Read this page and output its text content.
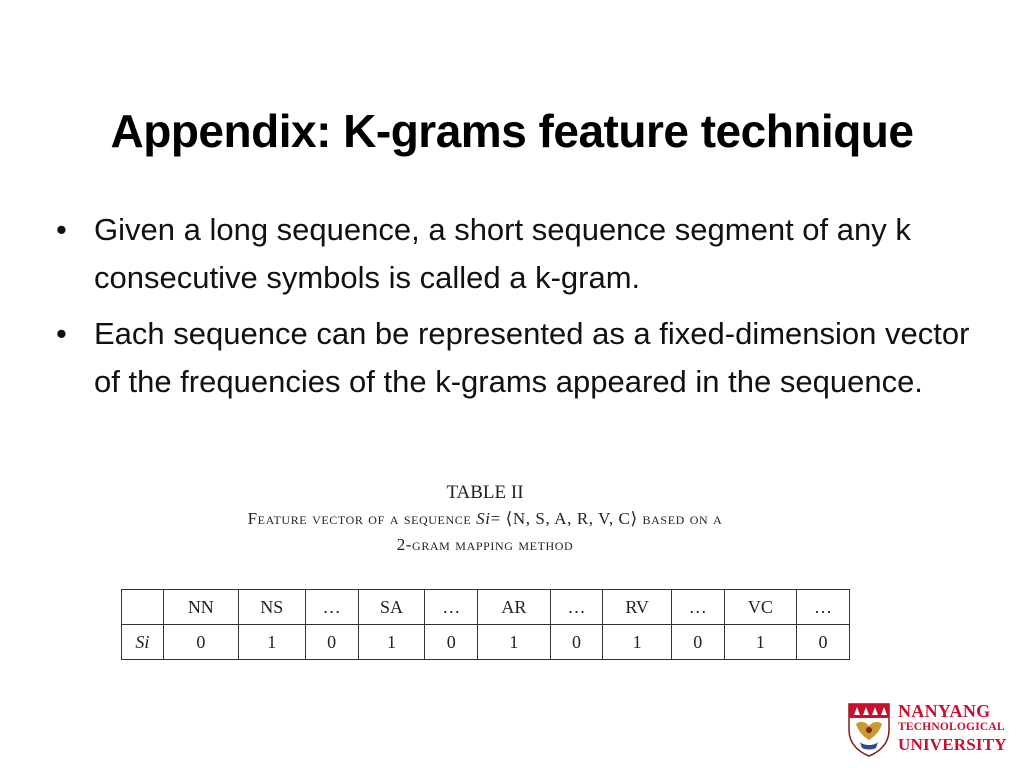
Appendix: K-grams feature technique
• Given a long sequence, a short sequence segment of any k consecutive symbols is called a k-gram.
• Each sequence can be represented as a fixed-dimension vector of the frequencies of the k-grams appeared in the sequence.
TABLE II
Feature vector of a sequence Si= ⟨N, S, A, R, V, C⟩ based on a
2-gram mapping method
	NN	NS	…	SA	…	AR	…	RV	…	VC	…
Si	0	1	0	1	0	1	0	1	0	1	0
NANYANG
TECHNOLOGICAL
UNIVERSITY
